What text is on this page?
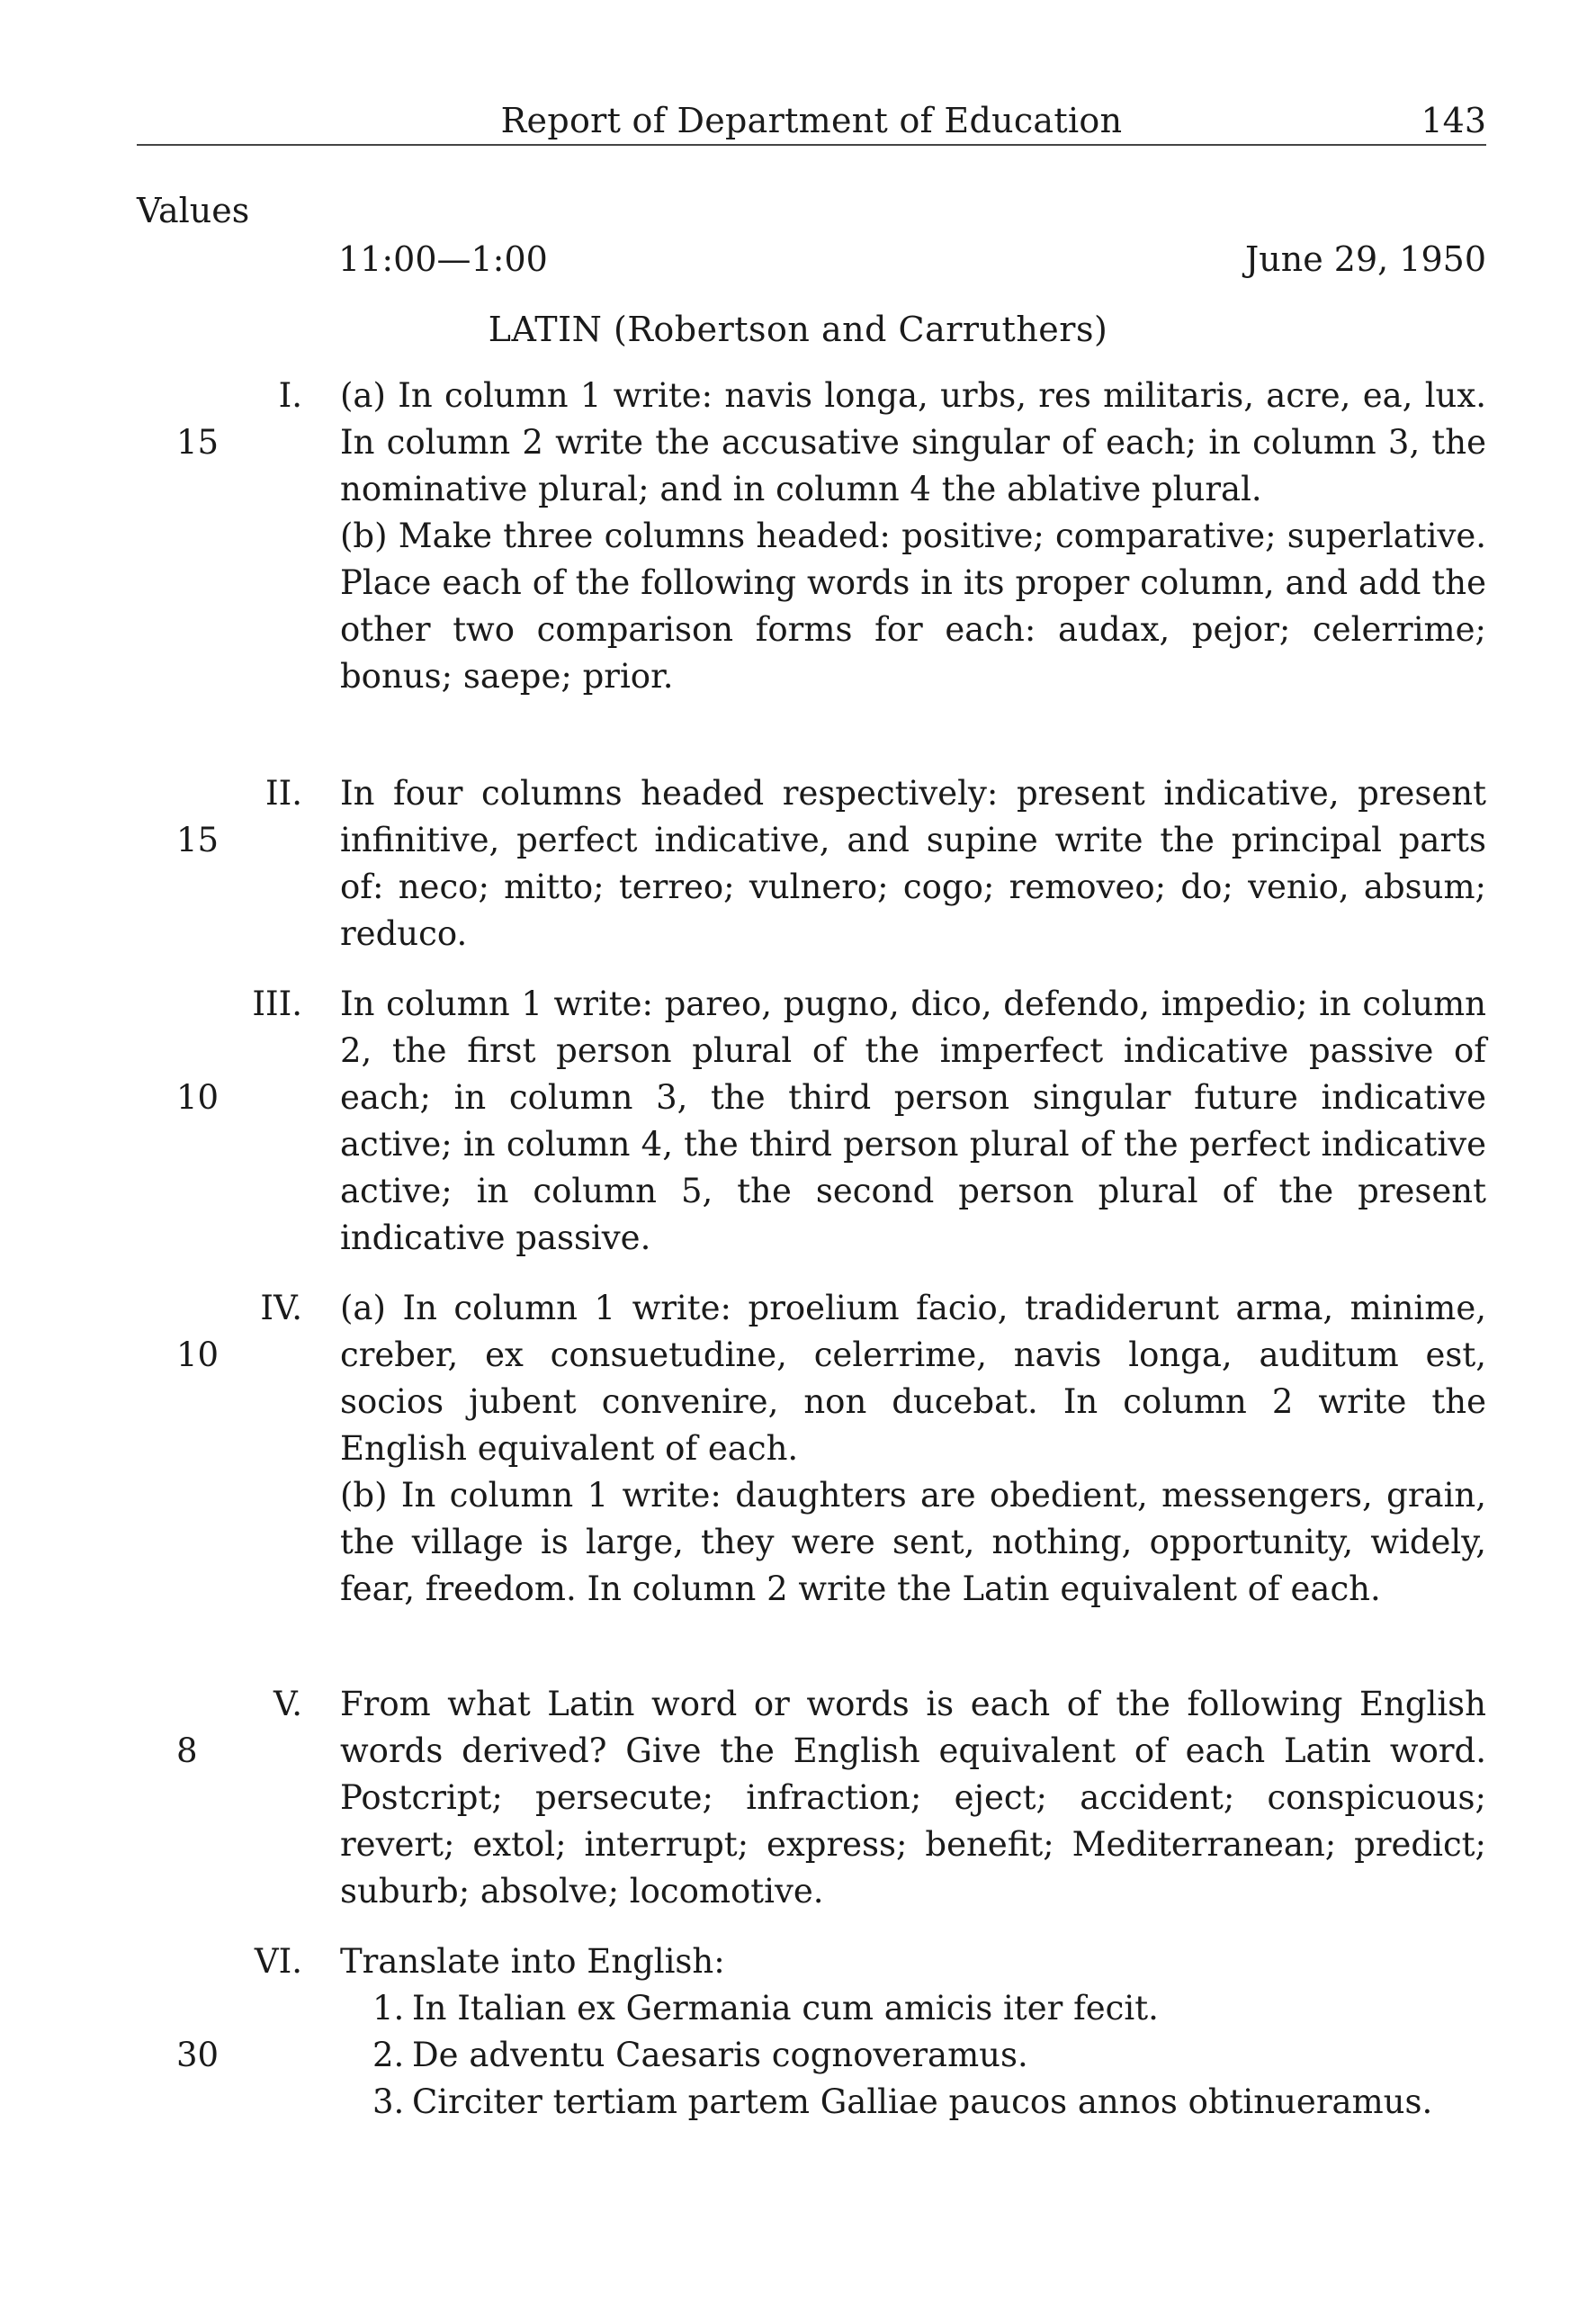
Report of Department of Education	143
Values
11:00—1:00	June 29, 1950
LATIN (Robertson and Carruthers)
I.
15

(a) In column 1 write: navis longa, urbs, res militaris, acre, ea, lux. In column 2 write the accusative singular of each; in column 3, the nominative plural; and in column 4 the ablative plural.

(b) Make three columns headed: positive; comparative; superlative. Place each of the following words in its proper column, and add the other two comparison forms for each: audax, pejor; celerrime; bonus; saepe; prior.

II.
15

In four columns headed respectively: present indicative, present infinitive, perfect indicative, and supine write the principal parts of: neco; mitto; terreo; vulnero; cogo; removeo; do; venio, absum; reduco.

III.
10

In column 1 write: pareo, pugno, dico, defendo, impedio; in column 2, the first person plural of the imperfect indicative passive of each; in column 3, the third person singular future indicative active; in column 4, the third person plural of the perfect indicative active; in column 5, the second person plural of the present indicative passive.

IV.
10

(a) In column 1 write: proelium facio, tradiderunt arma, minime, creber, ex consuetudine, celerrime, navis longa, auditum est, socios jubent convenire, non ducebat. In column 2 write the English equivalent of each.

(b) In column 1 write: daughters are obedient, messengers, grain, the village is large, they were sent, nothing, opportunity, widely, fear, freedom. In column 2 write the Latin equivalent of each.

V.
8

From what Latin word or words is each of the following English words derived? Give the English equivalent of each Latin word. Postcript; persecute; infraction; eject; accident; conspicuous; revert; extol; interrupt; express; benefit; Mediterranean; predict; suburb; absolve; locomotive.

VI.
30

Translate into English:

1. In Italian ex Germania cum amicis iter fecit.
2. De adventu Caesaris cognoveramus.
3. Circiter tertiam partem Galliae paucos annos obtinueramus.
